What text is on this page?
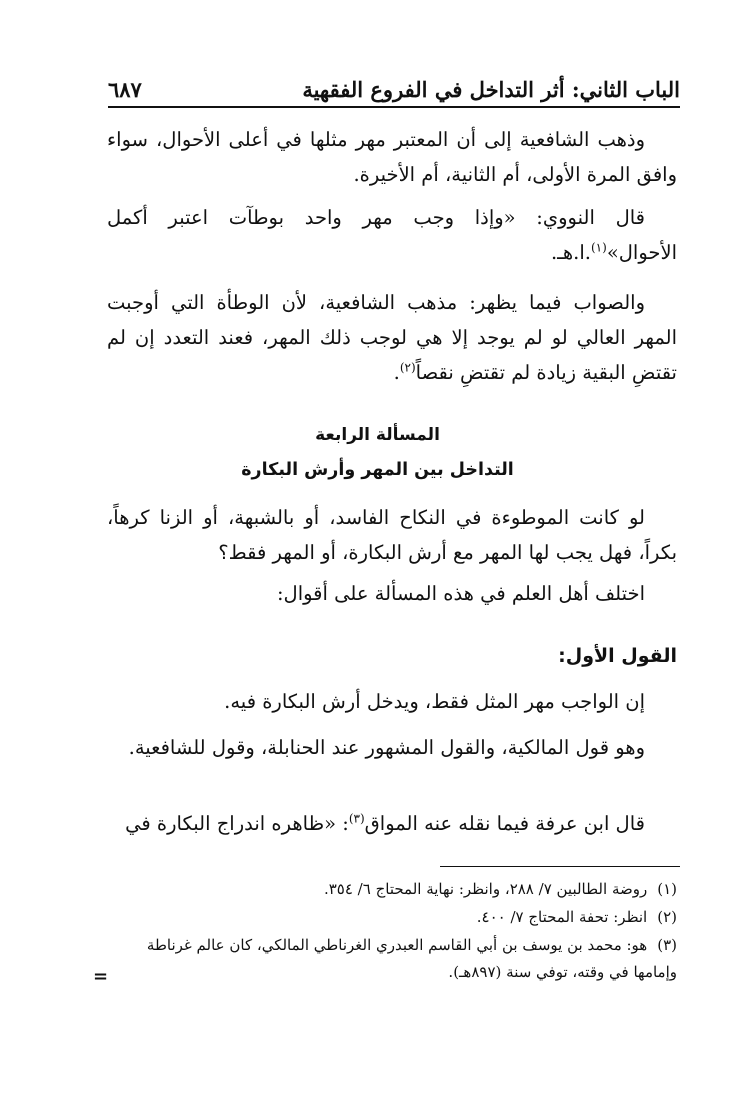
الباب الثاني: أثر التداخل في الفروع الفقهية
٦٨٧

وذهب الشافعية إلى أن المعتبر مهر مثلها في أعلى الأحوال، سواء وافق المرة الأولى، أم الثانية، أم الأخيرة.

قال النووي: «وإذا وجب مهر واحد بوطآت اعتبر أكمل الأحوال»$^{(١)}$.ا.هـ.

والصواب فيما يظهر: مذهب الشافعية، لأن الوطأة التي أوجبت المهر العالي لو لم يوجد إلا هي لوجب ذلك المهر، فعند التعدد إن لم تقتضِ البقية زيادة لم تقتضِ نقصاً$^{(٢)}$.

المسألة الرابعة
التداخل بين المهر وأرش البكارة

لو كانت الموطوءة في النكاح الفاسد، أو بالشبهة، أو الزنا كرهاً، بكراً، فهل يجب لها المهر مع أرش البكارة، أو المهر فقط؟

اختلف أهل العلم في هذه المسألة على أقوال:

القول الأول:

إن الواجب مهر المثل فقط، ويدخل أرش البكارة فيه.

وهو قول المالكية، والقول المشهور عند الحنابلة، وقول للشافعية.

قال ابن عرفة فيما نقله عنه المواق$^{(٣)}$: «ظاهره اندراج البكارة في

(١)روضة الطالبين ٧/ ٢٨٨، وانظر: نهاية المحتاج ٦/ ٣٥٤.
(٢)انظر: تحفة المحتاج ٧/ ٤٠٠.
(٣)هو: محمد بن يوسف بن أبي القاسم العبدري الغرناطي المالكي، كان عالم غرناطة وإمامها في وقته، توفي سنة (٨٩٧هـ).
=
